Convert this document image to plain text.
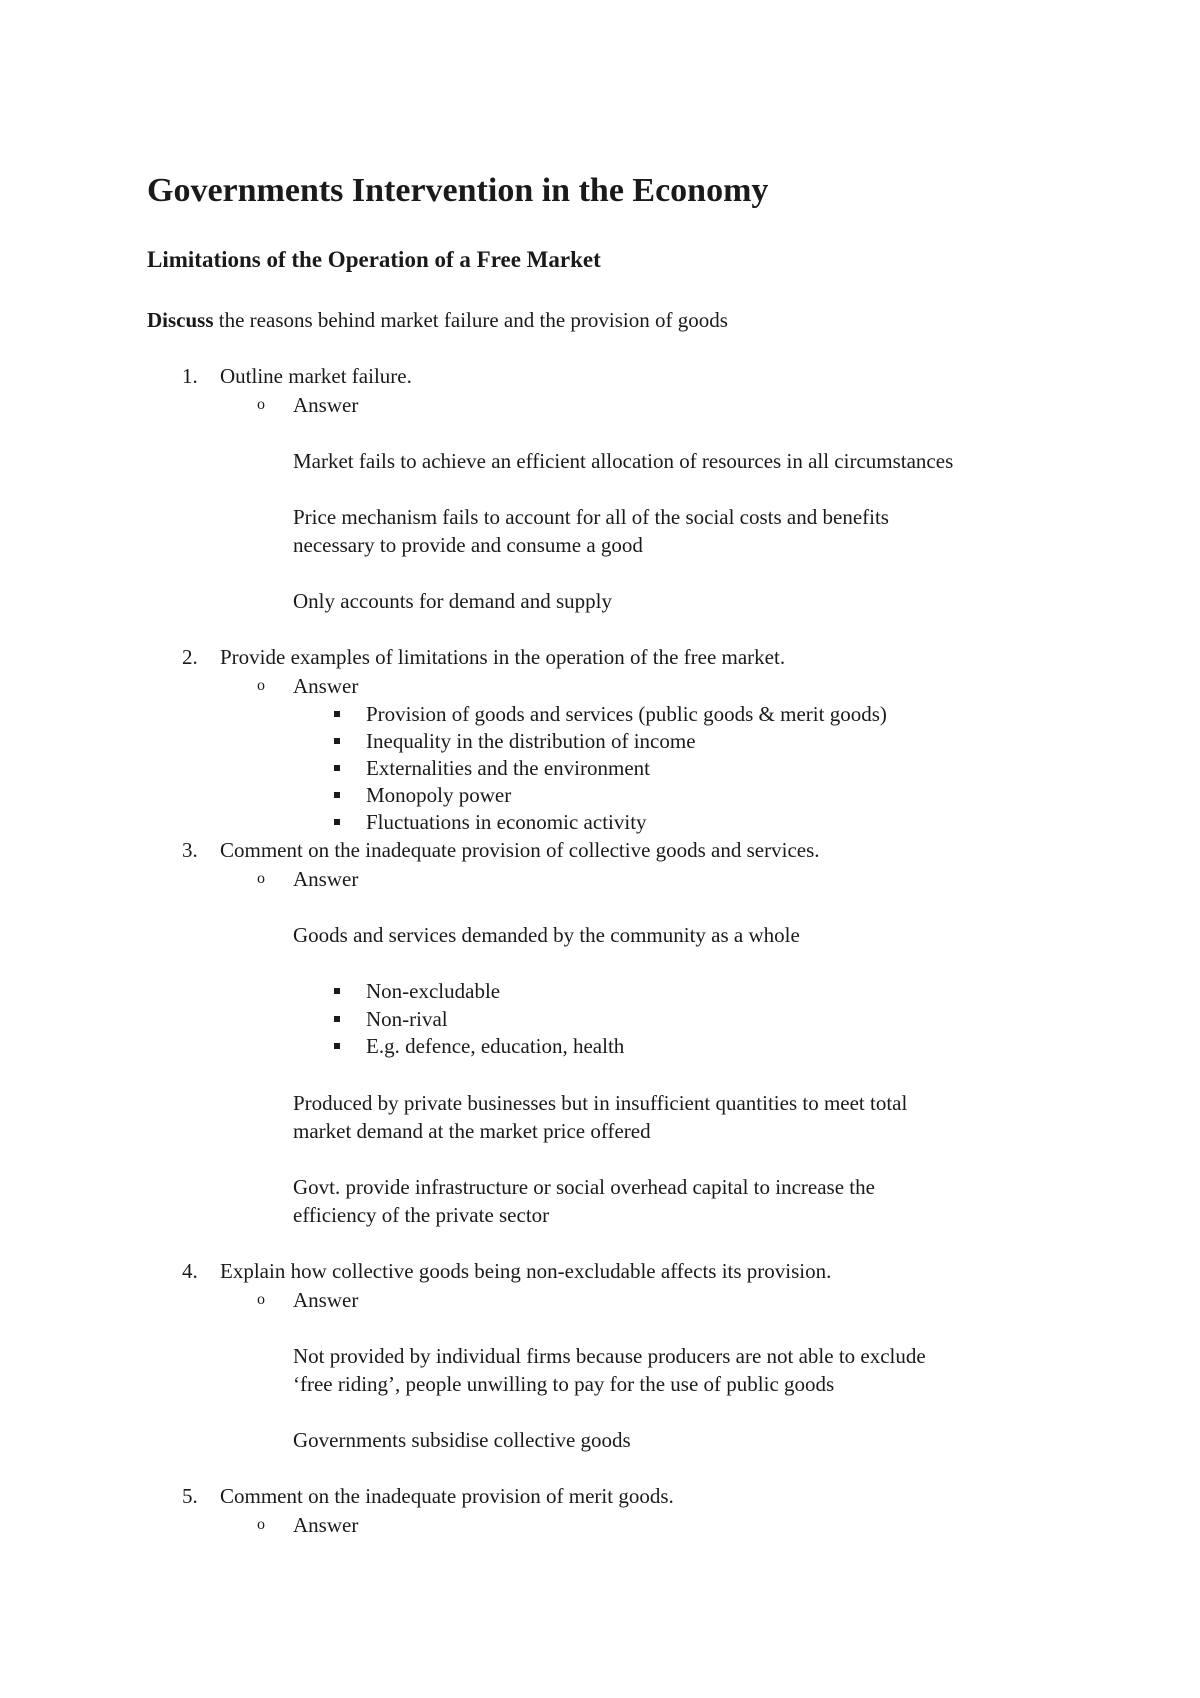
Governments Intervention in the Economy
Limitations of the Operation of a Free Market
Discuss the reasons behind market failure and the provision of goods
1. Outline market failure.
o Answer
Market fails to achieve an efficient allocation of resources in all circumstances
Price mechanism fails to account for all of the social costs and benefits
necessary to provide and consume a good
Only accounts for demand and supply
2. Provide examples of limitations in the operation of the free market.
o Answer
Provision of goods and services (public goods & merit goods)
Inequality in the distribution of income
Externalities and the environment
Monopoly power
Fluctuations in economic activity
3. Comment on the inadequate provision of collective goods and services.
o Answer
Goods and services demanded by the community as a whole
Non-excludable
Non-rival
E.g. defence, education, health
Produced by private businesses but in insufficient quantities to meet total
market demand at the market price offered
Govt. provide infrastructure or social overhead capital to increase the
efficiency of the private sector
4. Explain how collective goods being non-excludable affects its provision.
o Answer
Not provided by individual firms because producers are not able to exclude
‘free riding’, people unwilling to pay for the use of public goods
Governments subsidise collective goods
5. Comment on the inadequate provision of merit goods.
o Answer
